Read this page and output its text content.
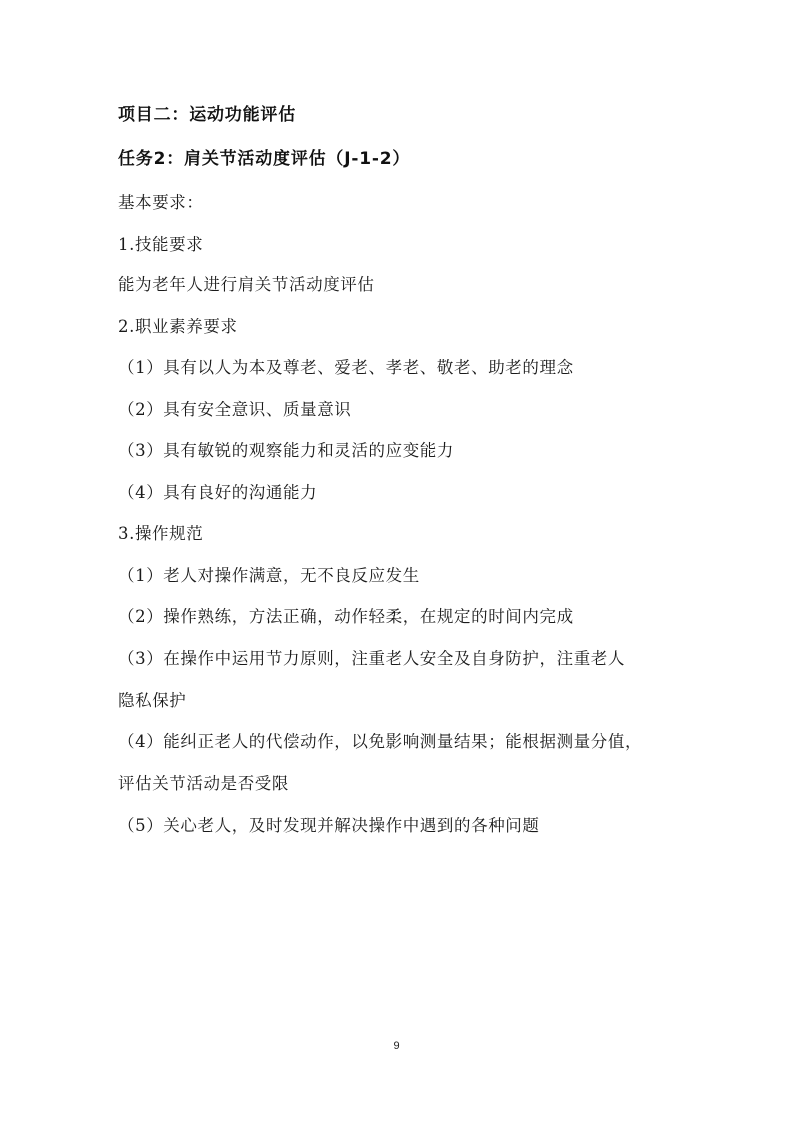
项目二：运动功能评估
任务2：肩关节活动度评估（J-1-2）
基本要求：
1.技能要求
能为老年人进行肩关节活动度评估
2.职业素养要求
（1）具有以人为本及尊老、爱老、孝老、敬老、助老的理念
（2）具有安全意识、质量意识
（3）具有敏锐的观察能力和灵活的应变能力
（4）具有良好的沟通能力
3.操作规范
（1）老人对操作满意，无不良反应发生
（2）操作熟练，方法正确，动作轻柔，在规定的时间内完成
（3）在操作中运用节力原则，注重老人安全及自身防护，注重老人
隐私保护
（4）能纠正老人的代偿动作，以免影响测量结果；能根据测量分值，
评估关节活动是否受限
（5）关心老人，及时发现并解决操作中遇到的各种问题
9
